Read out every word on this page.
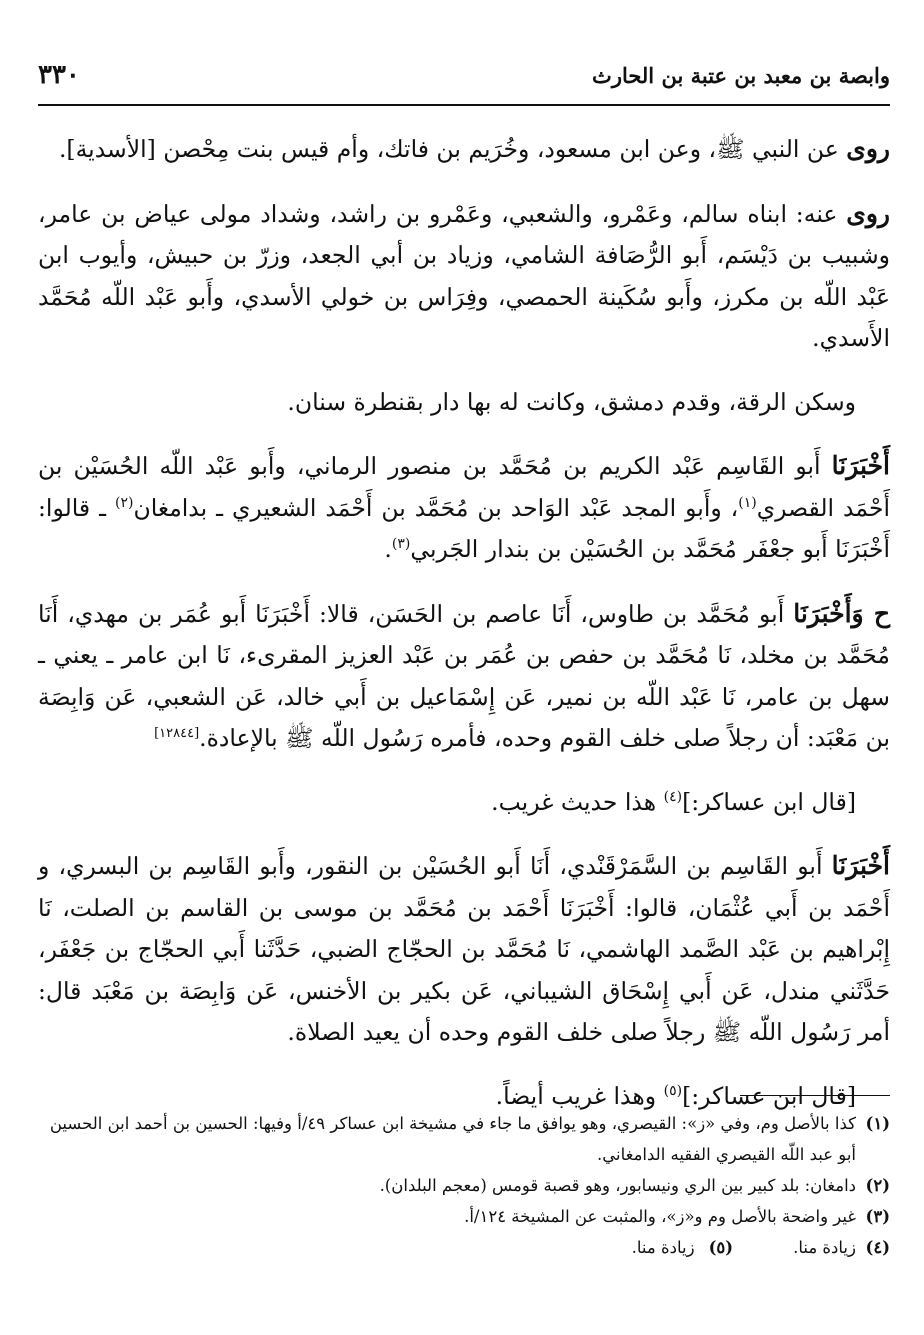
وابصة بن معبد بن عتبة بن الحارث
٣٣٠

روى عن النبي ﷺ، وعن ابن مسعود، وخُرَيم بن فاتك، وأم قيس بنت مِحْصن [الأسدية].

روى عنه: ابناه سالم، وعَمْرو، والشعبي، وعَمْرو بن راشد، وشداد مولى عياض بن عامر، وشبيب بن دَيْسَم، أَبو الرُّصَافة الشامي، وزياد بن أبي الجعد، وزرّ بن حبيش، وأيوب ابن عَبْد اللّه بن مكرز، وأَبو سُكَينة الحمصي، وفِرَاس بن خولي الأسدي، وأَبو عَبْد اللّه مُحَمَّد الأَسدي.

وسكن الرقة، وقدم دمشق، وكانت له بها دار بقنطرة سنان.

أَخْبَرَنَا أَبو القَاسِم عَبْد الكريم بن مُحَمَّد بن منصور الرماني، وأَبو عَبْد اللّه الحُسَيْن بن أَحْمَد القصري$^{(١)}$، وأَبو المجد عَبْد الوَاحد بن مُحَمَّد بن أَحْمَد الشعيري ـ بدامغان$^{(٢)}$ ـ قالوا: أَخْبَرَنَا أَبو جعْفَر مُحَمَّد بن الحُسَيْن بن بندار الجَربي$^{(٣)}$.

ح وَأَخْبَرَنَا أَبو مُحَمَّد بن طاوس، أَنَا عاصم بن الحَسَن، قالا: أَخْبَرَنَا أَبو عُمَر بن مهدي، أَنَا مُحَمَّد بن مخلد، نَا مُحَمَّد بن حفص بن عُمَر بن عَبْد العزيز المقرىء، نَا ابن عامر ـ يعني ـ سهل بن عامر، نَا عَبْد اللّه بن نمير، عَن إِسْمَاعيل بن أَبي خالد، عَن الشعبي، عَن وَابِصَة بن مَعْبَد: أن رجلاً صلى خلف القوم وحده، فأمره رَسُول اللّه ﷺ بالإعادة.[١٢٨٤٤]

[قال ابن عساكر:]$^{(٤)}$ هذا حديث غريب.

أَخْبَرَنَا أَبو القَاسِم بن السَّمَرْقَنْدي، أَنَا أَبو الحُسَيْن بن النقور، وأَبو القَاسِم بن البسري، و أَحْمَد بن أَبي عُثْمَان، قالوا: أَخْبَرَنَا أَحْمَد بن مُحَمَّد بن موسى بن القاسم بن الصلت، نَا إِبْراهيم بن عَبْد الصَّمد الهاشمي، نَا مُحَمَّد بن الحجّاج الضبي، حَدَّثَنا أَبي الحجّاج بن جَعْفَر، حَدَّثَني مندل، عَن أَبي إِسْحَاق الشيباني، عَن بكير بن الأخنس، عَن وَابِصَة بن مَعْبَد قال: أمر رَسُول اللّه ﷺ رجلاً صلى خلف القوم وحده أن يعيد الصلاة.

[قال ابن عساكر:]$^{(٥)}$ وهذا غريب أيضاً.

(١)
كذا بالأصل وم، وفي «ز»: القيصري، وهو يوافق ما جاء في مشيخة ابن عساكر ٤٩/أ وفيها: الحسين بن أحمد ابن الحسين أبو عبد اللّه القيصري الفقيه الدامغاني.
(٢)
دامغان: بلد كبير بين الري ونيسابور، وهو قصبة قومس (معجم البلدان).
(٣)
غير واضحة بالأصل وم و«ز»، والمثبت عن المشيخة ١٢٤/أ.
(٤)
زيادة منا.(٥)زيادة منا.
